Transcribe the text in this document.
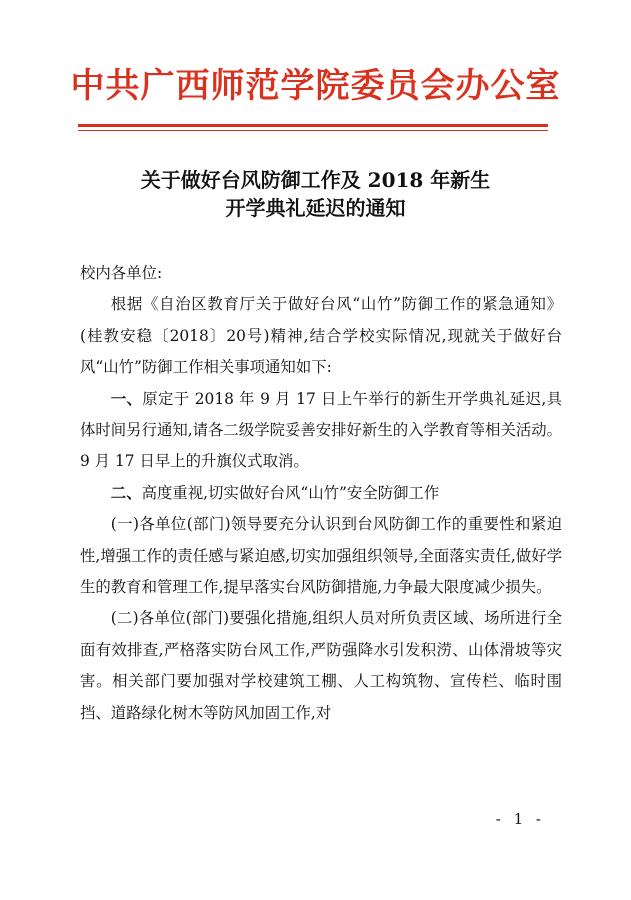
中共广西师范学院委员会办公室
关于做好台风防御工作及 2018 年新生
开学典礼延迟的通知

校内各单位:

根据《自治区教育厅关于做好台风“山竹”防御工作的紧急通知》(桂教安稳〔2018〕20号)精神,结合学校实际情况,现就关于做好台风“山竹”防御工作相关事项通知如下:

一、原定于 2018 年 9 月 17 日上午举行的新生开学典礼延迟,具体时间另行通知,请各二级学院妥善安排好新生的入学教育等相关活动。9 月 17 日早上的升旗仪式取消。

二、高度重视,切实做好台风“山竹”安全防御工作

(一)各单位(部门)领导要充分认识到台风防御工作的重要性和紧迫性,增强工作的责任感与紧迫感,切实加强组织领导,全面落实责任,做好学生的教育和管理工作,提早落实台风防御措施,力争最大限度减少损失。

(二)各单位(部门)要强化措施,组织人员对所负责区域、场所进行全面有效排查,严格落实防台风工作,严防强降水引发积涝、山体滑坡等灾害。相关部门要加强对学校建筑工棚、人工构筑物、宣传栏、临时围挡、道路绿化树木等防风加固工作,对

- 1 -
